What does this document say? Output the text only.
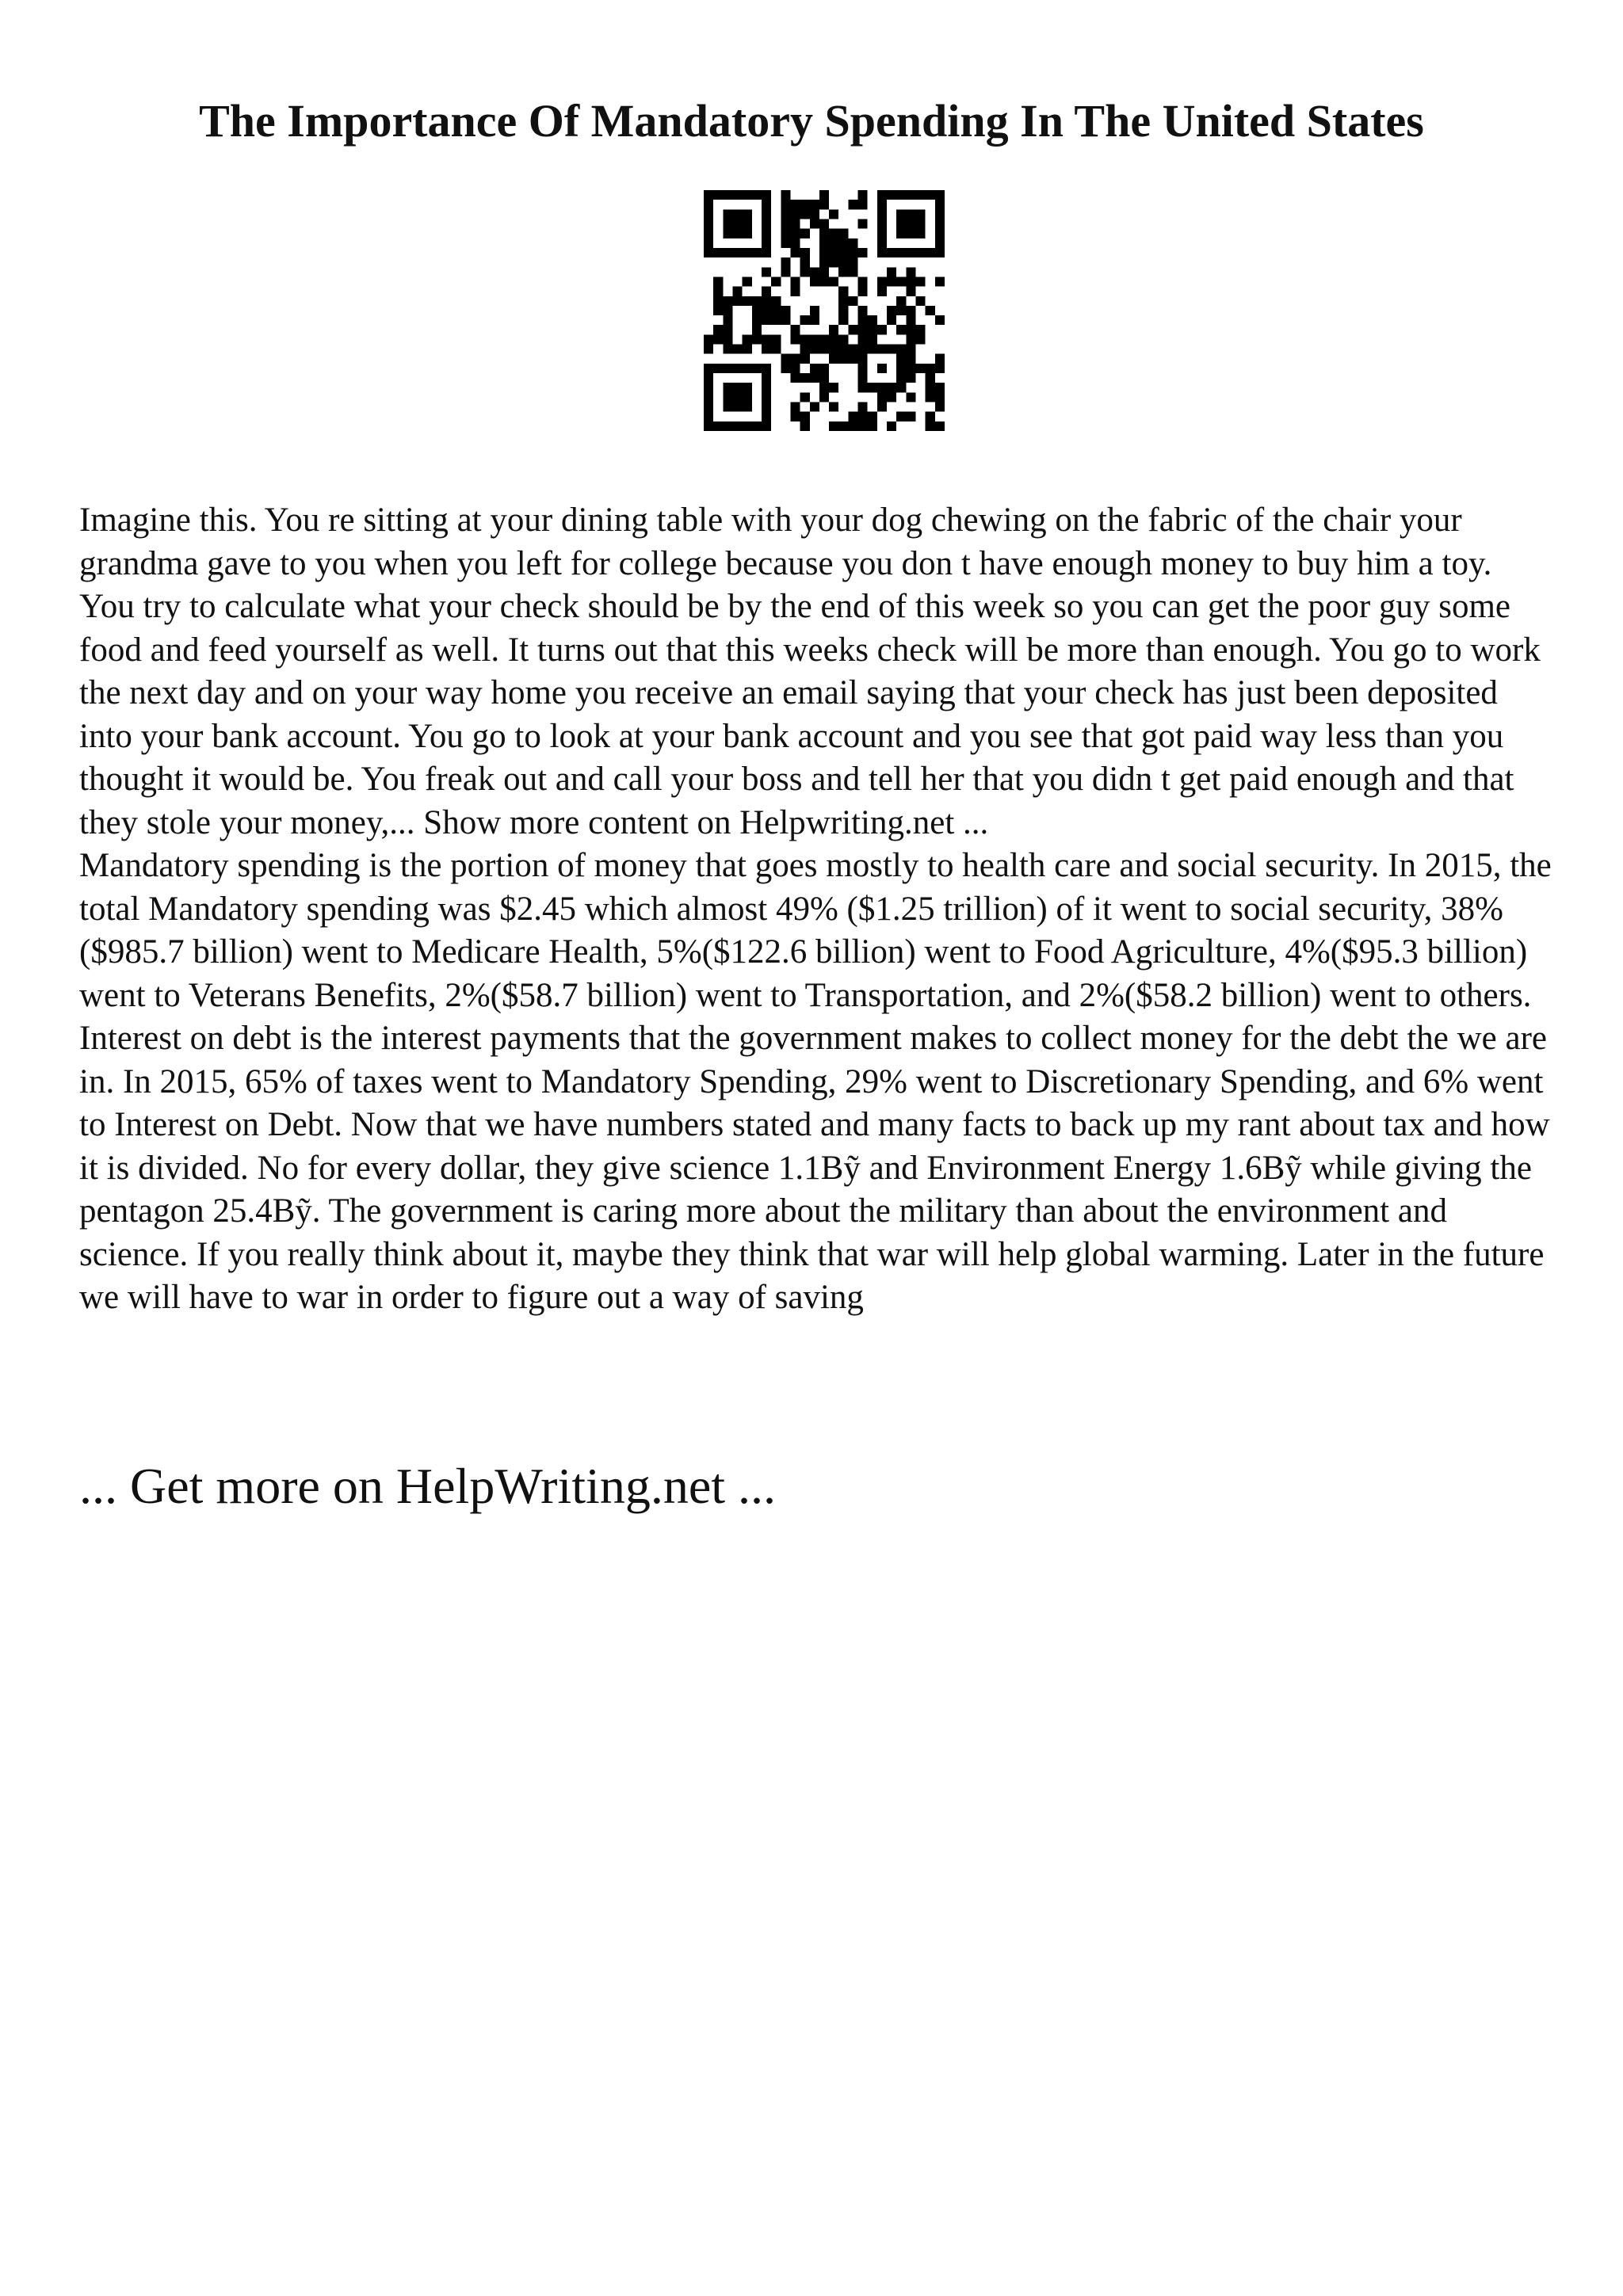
The Importance Of Mandatory Spending In The United States

Imagine this. You re sitting at your dining table with your dog chewing on the fabric of the chair your grandma gave to you when you left for college because you don t have enough money to buy him a toy. You try to calculate what your check should be by the end of this week so you can get the poor guy some food and feed yourself as well. It turns out that this weeks check will be more than enough. You go to work the next day and on your way home you receive an email saying that your check has just been deposited into your bank account. You go to look at your bank account and you see that got paid way less than you thought it would be. You freak out and call your boss and tell her that you didn t get paid enough and that they stole your money,... Show more content on Helpwriting.net ...

Mandatory spending is the portion of money that goes mostly to health care and social security. In 2015, the total Mandatory spending was $2.45 which almost 49% ($1.25 trillion) of it went to social security, 38%($985.7 billion) went to Medicare Health, 5%($122.6 billion) went to Food Agriculture, 4%($95.3 billion) went to Veterans Benefits, 2%($58.7 billion) went to Transportation, and 2%($58.2 billion) went to others. Interest on debt is the interest payments that the government makes to collect money for the debt the we are in. In 2015, 65% of taxes went to Mandatory Spending, 29% went to Discretionary Spending, and 6% went to Interest on Debt. Now that we have numbers stated and many facts to back up my rant about tax and how it is divided. No for every dollar, they give science 1.1Bỹ and Environment Energy 1.6Bỹ while giving the pentagon 25.4Bỹ. The government is caring more about the military than about the environment and science. If you really think about it, maybe they think that war will help global warming. Later in the future we will have to war in order to figure out a way of saving

... Get more on HelpWriting.net ...
